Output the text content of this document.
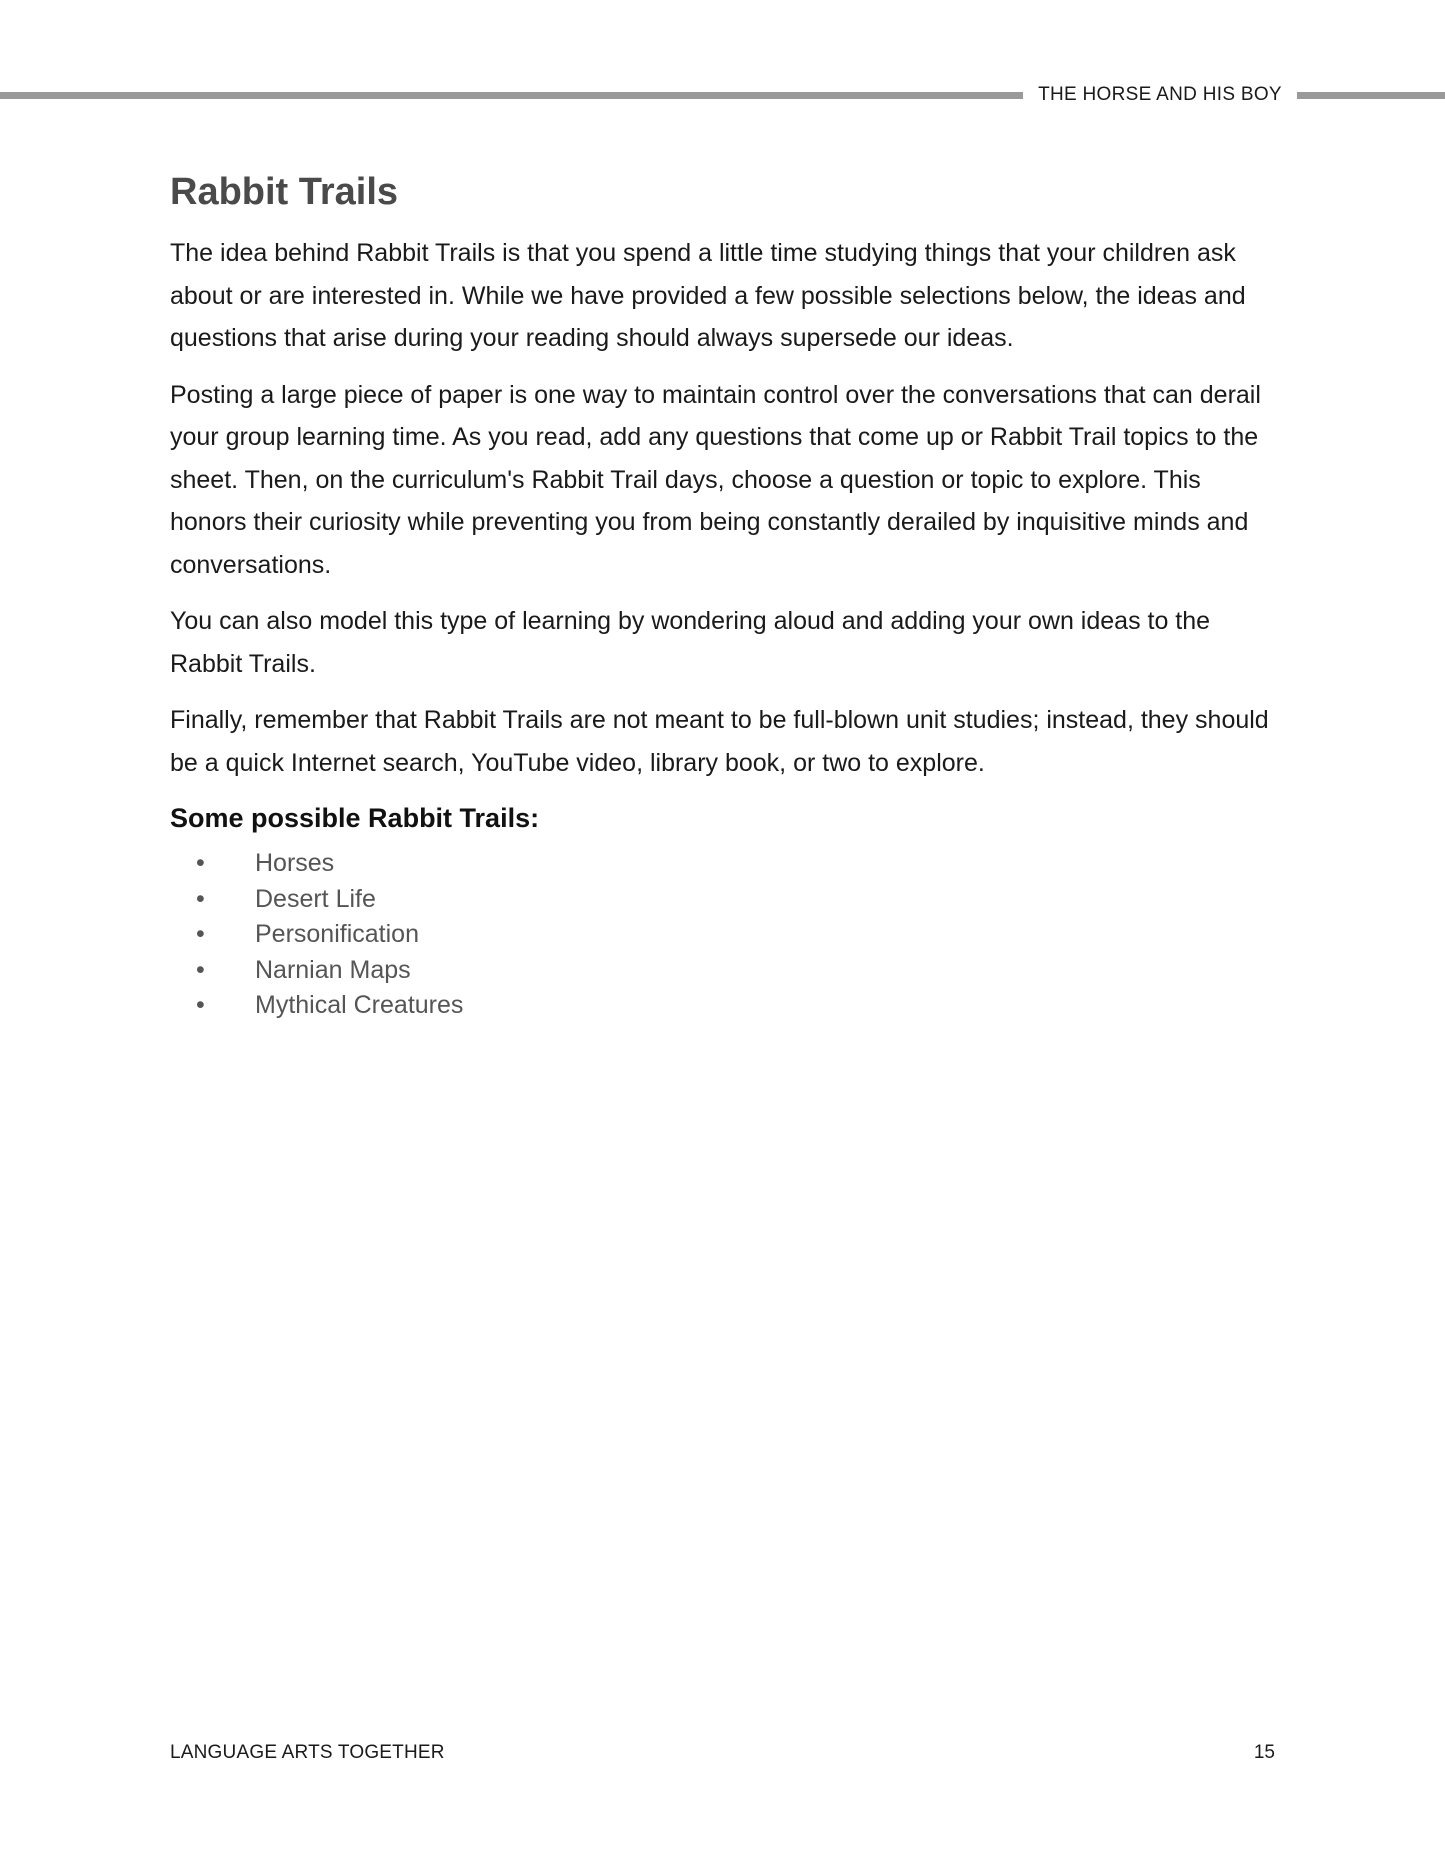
THE HORSE AND HIS BOY
Rabbit Trails

The idea behind Rabbit Trails is that you spend a little time studying things that your children ask about or are interested in. While we have provided a few possible selections below, the ideas and questions that arise during your reading should always supersede our ideas.

Posting a large piece of paper is one way to maintain control over the conversations that can derail your group learning time. As you read, add any questions that come up or Rabbit Trail topics to the sheet. Then, on the curriculum's Rabbit Trail days, choose a question or topic to explore. This honors their curiosity while preventing you from being constantly derailed by inquisitive minds and conversations.

You can also model this type of learning by wondering aloud and adding your own ideas to the Rabbit Trails.

Finally, remember that Rabbit Trails are not meant to be full-blown unit studies; instead, they should be a quick Internet search, YouTube video, library book, or two to explore.

Some possible Rabbit Trails:
• Horses
• Desert Life
• Personification
• Narnian Maps
• Mythical Creatures
LANGUAGE ARTS TOGETHER	15
